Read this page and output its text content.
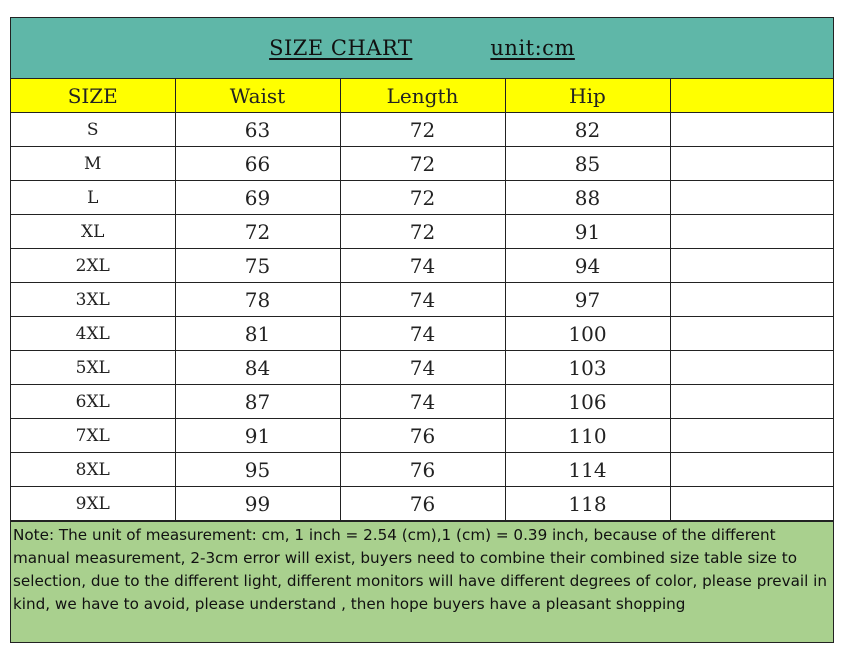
SIZE CHART	unit:cm
SIZE	Waist	Length	Hip	
S	63	72	82	
M	66	72	85	
L	69	72	88	
XL	72	72	91	
2XL	75	74	94	
3XL	78	74	97	
4XL	81	74	100	
5XL	84	74	103	
6XL	87	74	106	
7XL	91	76	110	
8XL	95	76	114	
9XL	99	76	118	
Note: The unit of measurement: cm, 1 inch = 2.54 (cm),1 (cm) = 0.39 inch, because of the different manual measurement, 2-3cm error will exist, buyers need to combine their combined size table size to selection, due to the different light, different monitors will have different degrees of color, please prevail in kind, we have to avoid, please understand , then hope buyers have a pleasant shopping
